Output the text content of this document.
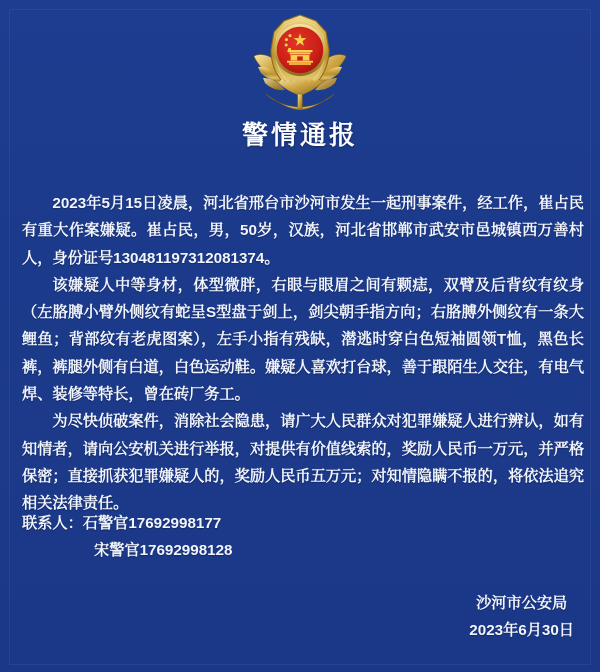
警情通报

2023年5月15日凌晨，河北省邢台市沙河市发生一起刑事案件，经工作，崔占民有重大作案嫌疑。崔占民，男，50岁，汉族，河北省邯郸市武安市邑城镇西万善村人，身份证号130481197312081374。

该嫌疑人中等身材，体型微胖，右眼与眼眉之间有颗痣，双臂及后背纹有纹身（左胳膊小臂外侧纹有蛇呈S型盘于剑上，剑尖朝手指方向；右胳膊外侧纹有一条大鲤鱼；背部纹有老虎图案），左手小指有残缺，潜逃时穿白色短袖圆领T恤，黑色长裤，裤腿外侧有白道，白色运动鞋。嫌疑人喜欢打台球，善于跟陌生人交往，有电气焊、装修等特长，曾在砖厂务工。

为尽快侦破案件，消除社会隐患，请广大人民群众对犯罪嫌疑人进行辨认，如有知情者，请向公安机关进行举报，对提供有价值线索的，奖励人民币一万元，并严格保密；直接抓获犯罪嫌疑人的，奖励人民币五万元；对知情隐瞒不报的，将依法追究相关法律责任。

联系人：石警官17692998177
宋警官17692998128
沙河市公安局
2023年6月30日
